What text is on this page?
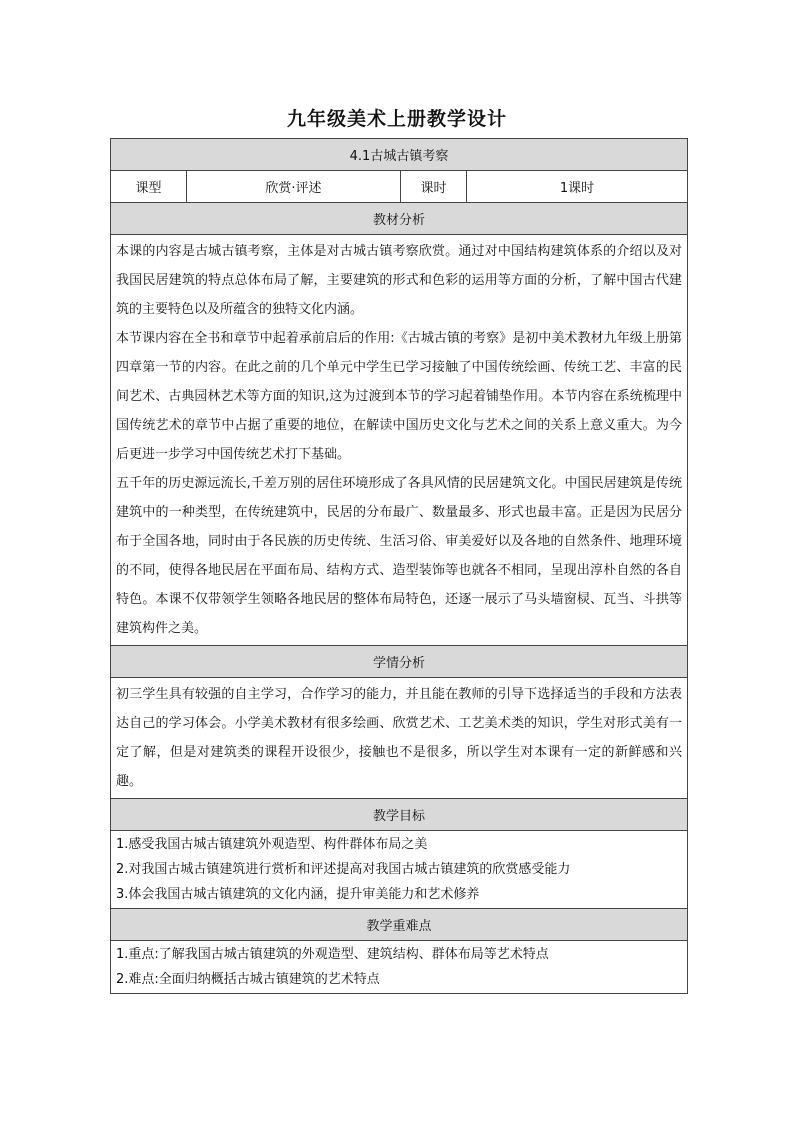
九年级美术上册教学设计
4.1古城古镇考察
课型	欣赏·评述	课时	1课时
教材分析

本课的内容是古城古镇考察，主体是对古城古镇考察欣赏。通过对中国结构建筑体系的介绍以及对我国民居建筑的特点总体布局了解，主要建筑的形式和色彩的运用等方面的分析，了解中国古代建筑的主要特色以及所蕴含的独特文化内涵。

本节课内容在全书和章节中起着承前启后的作用:《古城古镇的考察》是初中美术教材九年级上册第四章第一节的内容。在此之前的几个单元中学生已学习接触了中国传统绘画、传统工艺、丰富的民间艺术、古典园林艺术等方面的知识,这为过渡到本节的学习起着铺垫作用。本节内容在系统梳理中国传统艺术的章节中占据了重要的地位，在解读中国历史文化与艺术之间的关系上意义重大。为今后更进一步学习中国传统艺术打下基础。

五千年的历史源远流长,千差万别的居住环境形成了各具风情的民居建筑文化。中国民居建筑是传统建筑中的一种类型，在传统建筑中，民居的分布最广、数量最多、形式也最丰富。正是因为民居分布于全国各地，同时由于各民族的历史传统、生活习俗、审美爱好以及各地的自然条件、地理环境的不同，使得各地民居在平面布局、结构方式、造型装饰等也就各不相同，呈现出淳朴自然的各自特色。本课不仅带领学生领略各地民居的整体布局特色，还逐一展示了马头墙窗棂、瓦当、斗拱等建筑构件之美。

学情分析

初三学生具有较强的自主学习，合作学习的能力，并且能在教师的引导下选择适当的手段和方法表达自己的学习体会。小学美术教材有很多绘画、欣赏艺术、工艺美术类的知识，学生对形式美有一定了解，但是对建筑类的课程开设很少，接触也不是很多，所以学生对本课有一定的新鲜感和兴趣。

教学目标

1.感受我国古城古镇建筑外观造型、构件群体布局之美

2.对我国古城古镇建筑进行赏析和评述提高对我国古城古镇建筑的欣赏感受能力

3.体会我国古城古镇建筑的文化内涵，提升审美能力和艺术修养

教学重难点

1.重点:了解我国古城古镇建筑的外观造型、建筑结构、群体布局等艺术特点

2.难点:全面归纳概括古城古镇建筑的艺术特点
